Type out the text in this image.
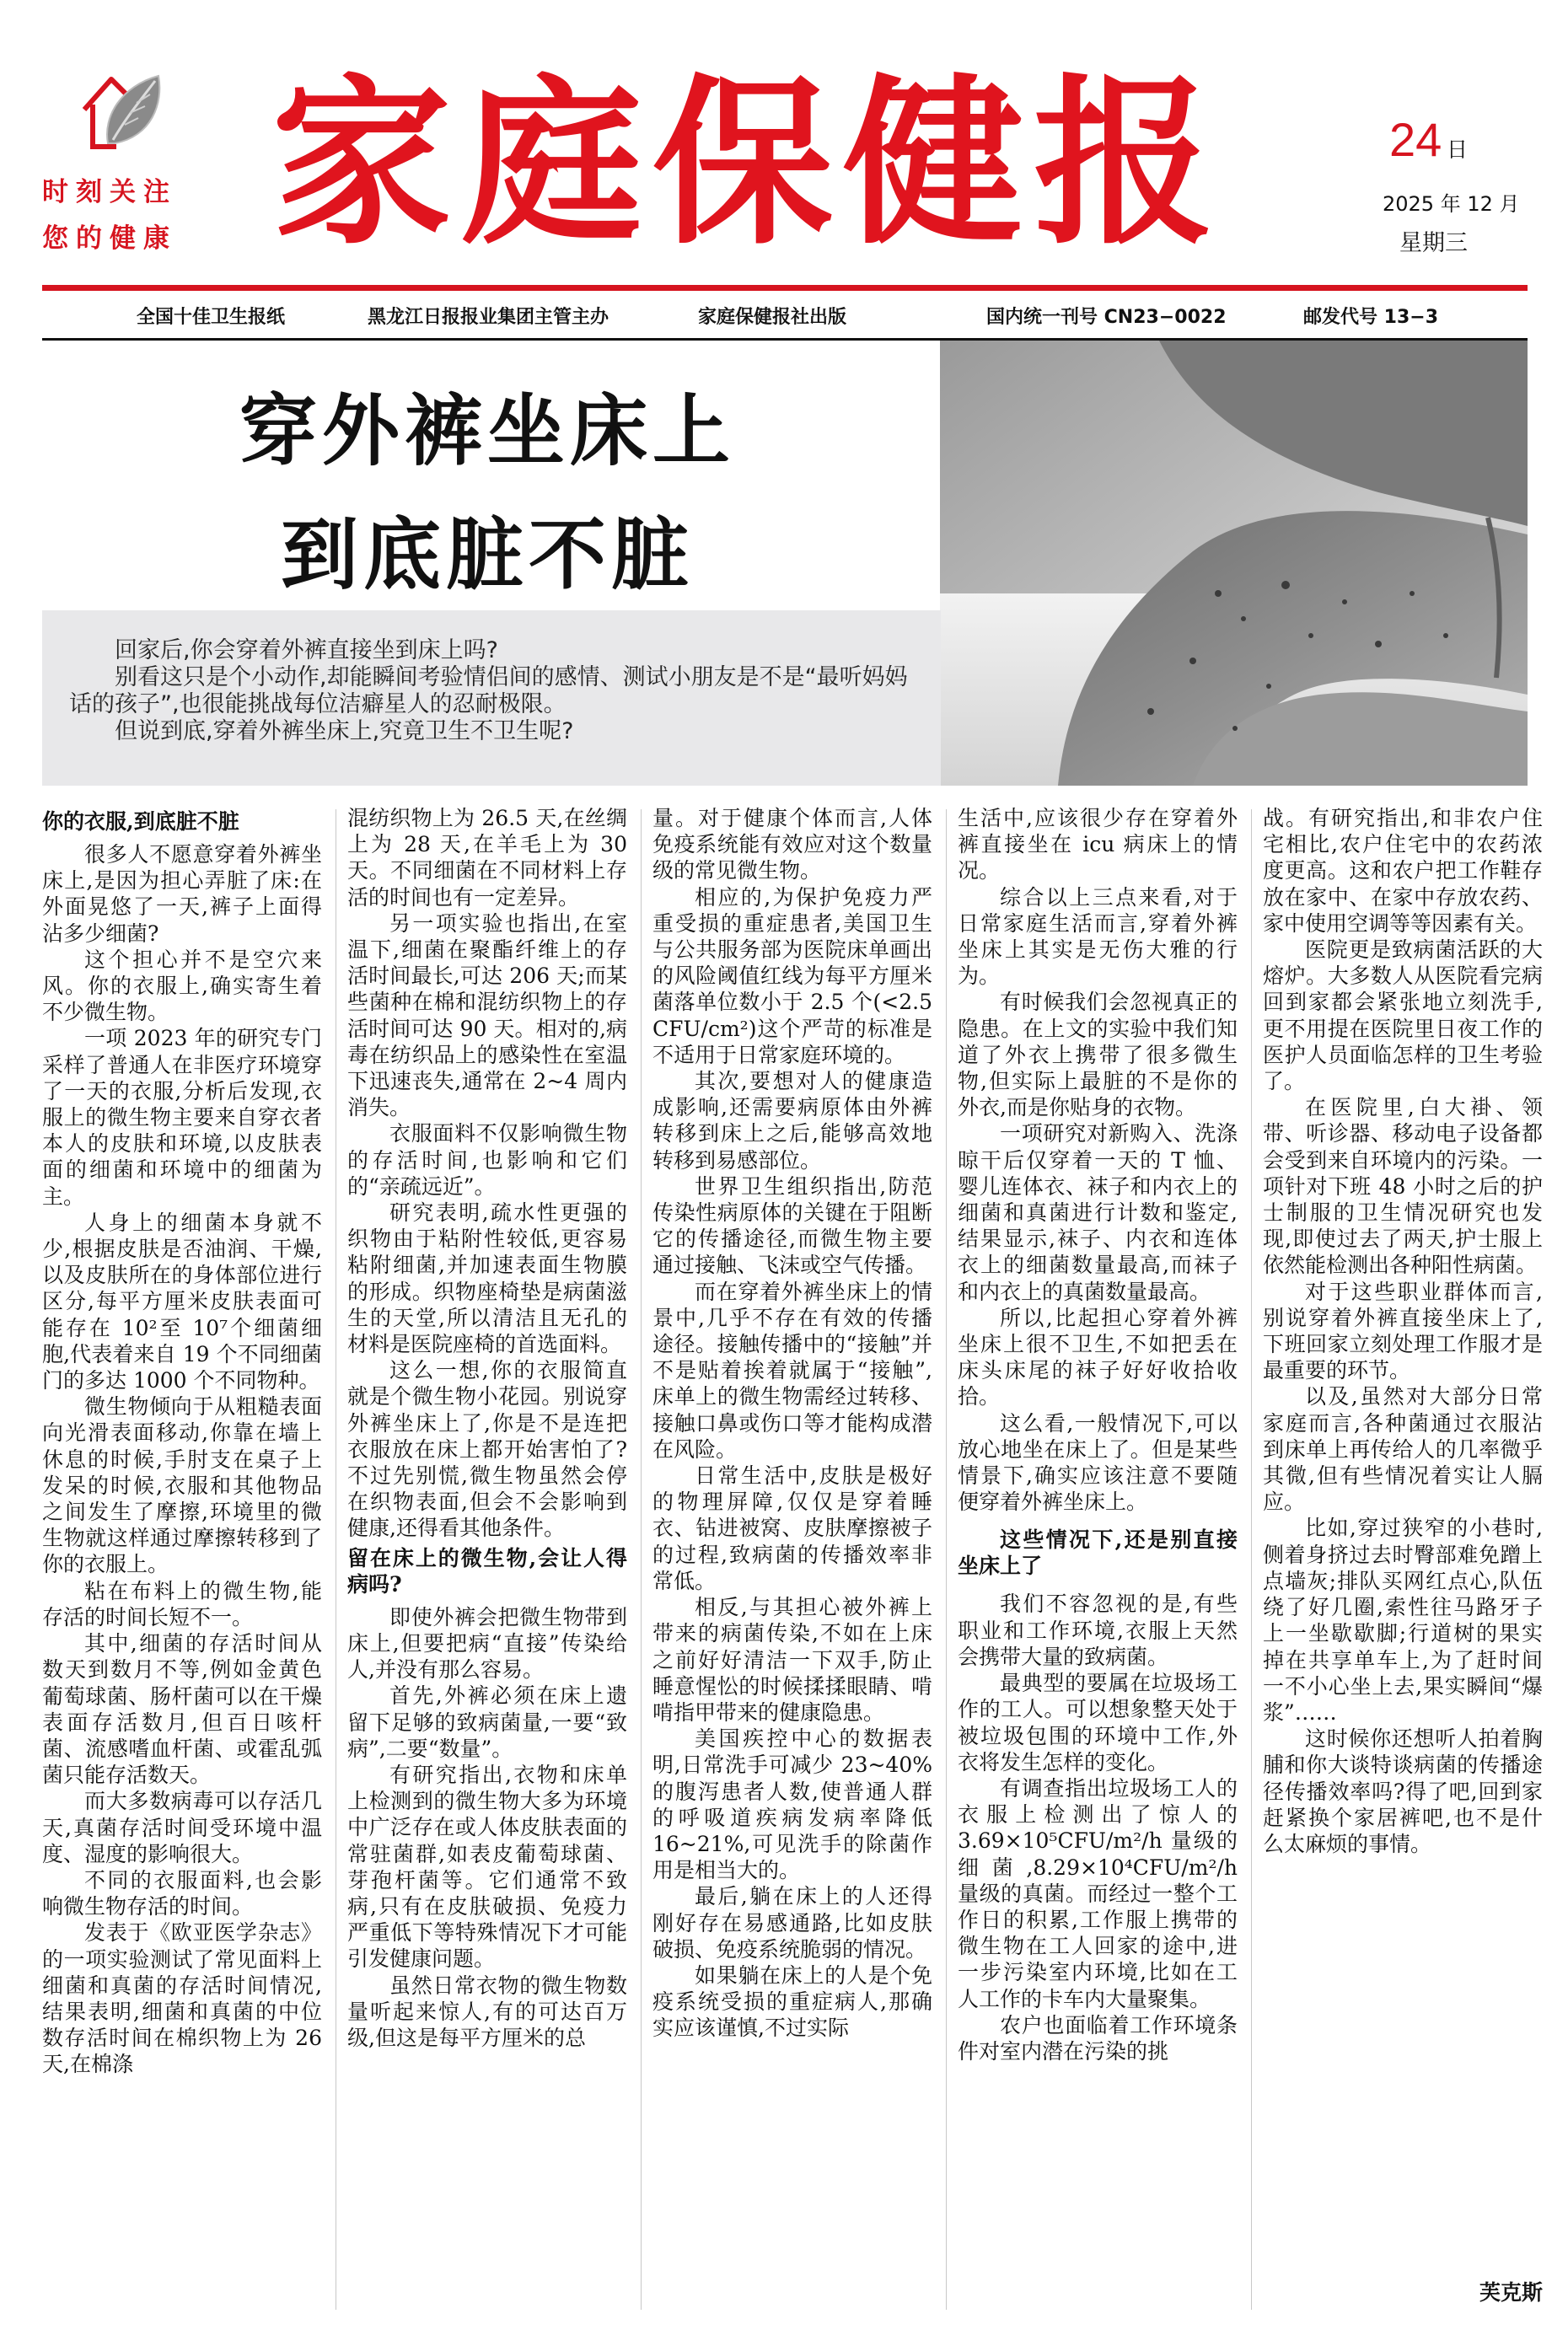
时刻关注
您的健康 家庭保健报	24 日
2025 年 12 月
星期三
全国十佳卫生报纸	黑龙江日报报业集团主管主办	家庭保健报社出版	国内统一刊号 CN23−0022	邮发代号 13−3
穿外裤坐床上
到底脏不脏

回家后,你会穿着外裤直接坐到床上吗?

别看这只是个小动作,却能瞬间考验情侣间的感情、测试小朋友是不是“最听妈妈话的孩子”,也很能挑战每位洁癖星人的忍耐极限。

但说到底,穿着外裤坐床上,究竟卫生不卫生呢?

你的衣服,到底脏不脏

很多人不愿意穿着外裤坐床上,是因为担心弄脏了床:在外面晃悠了一天,裤子上面得沾多少细菌?

这个担心并不是空穴来风。你的衣服上,确实寄生着不少微生物。

一项 2023 年的研究专门采样了普通人在非医疗环境穿了一天的衣服,分析后发现,衣服上的微生物主要来自穿衣者本人的皮肤和环境,以皮肤表面的细菌和环境中的细菌为主。

人身上的细菌本身就不少,根据皮肤是否油润、干燥,以及皮肤所在的身体部位进行区分,每平方厘米皮肤表面可能存在 10²至 10⁷个细菌细胞,代表着来自 19 个不同细菌门的多达 1000 个不同物种。

微生物倾向于从粗糙表面向光滑表面移动,你靠在墙上休息的时候,手肘支在桌子上发呆的时候,衣服和其他物品之间发生了摩擦,环境里的微生物就这样通过摩擦转移到了你的衣服上。

粘在布料上的微生物,能存活的时间长短不一。

其中,细菌的存活时间从数天到数月不等,例如金黄色葡萄球菌、肠杆菌可以在干燥表面存活数月,但百日咳杆菌、流感嗜血杆菌、或霍乱弧菌只能存活数天。

而大多数病毒可以存活几天,真菌存活时间受环境中温度、湿度的影响很大。

不同的衣服面料,也会影响微生物存活的时间。

发表于《欧亚医学杂志》的一项实验测试了常见面料上细菌和真菌的存活时间情况,结果表明,细菌和真菌的中位数存活时间在棉织物上为 26 天,在棉涤

混纺织物上为 26.5 天,在丝绸上为 28 天,在羊毛上为 30 天。不同细菌在不同材料上存活的时间也有一定差异。

另一项实验也指出,在室温下,细菌在聚酯纤维上的存活时间最长,可达 206 天;而某些菌种在棉和混纺织物上的存活时间可达 90 天。相对的,病毒在纺织品上的感染性在室温下迅速丧失,通常在 2~4 周内消失。

衣服面料不仅影响微生物的存活时间,也影响和它们的“亲疏远近”。

研究表明,疏水性更强的织物由于粘附性较低,更容易粘附细菌,并加速表面生物膜的形成。织物座椅垫是病菌滋生的天堂,所以清洁且无孔的材料是医院座椅的首选面料。

这么一想,你的衣服简直就是个微生物小花园。别说穿外裤坐床上了,你是不是连把衣服放在床上都开始害怕了?不过先别慌,微生物虽然会停在织物表面,但会不会影响到健康,还得看其他条件。

留在床上的微生物,会让人得病吗?

即使外裤会把微生物带到床上,但要把病“直接”传染给人,并没有那么容易。

首先,外裤必须在床上遗留下足够的致病菌量,一要“致病”,二要“数量”。

有研究指出,衣物和床单上检测到的微生物大多为环境中广泛存在或人体皮肤表面的常驻菌群,如表皮葡萄球菌、芽孢杆菌等。它们通常不致病,只有在皮肤破损、免疫力严重低下等特殊情况下才可能引发健康问题。

虽然日常衣物的微生物数量听起来惊人,有的可达百万级,但这是每平方厘米的总

量。对于健康个体而言,人体免疫系统能有效应对这个数量级的常见微生物。

相应的,为保护免疫力严重受损的重症患者,美国卫生与公共服务部为医院床单画出的风险阈值红线为每平方厘米菌落单位数小于 2.5 个(<2.5 CFU/cm²)这个严苛的标准是不适用于日常家庭环境的。

其次,要想对人的健康造成影响,还需要病原体由外裤转移到床上之后,能够高效地转移到易感部位。

世界卫生组织指出,防范传染性病原体的关键在于阻断它的传播途径,而微生物主要通过接触、飞沫或空气传播。

而在穿着外裤坐床上的情景中,几乎不存在有效的传播途径。接触传播中的“接触”并不是贴着挨着就属于“接触”,床单上的微生物需经过转移、接触口鼻或伤口等才能构成潜在风险。

日常生活中,皮肤是极好的物理屏障,仅仅是穿着睡衣、钻进被窝、皮肤摩擦被子的过程,致病菌的传播效率非常低。

相反,与其担心被外裤上带来的病菌传染,不如在上床之前好好清洁一下双手,防止睡意惺忪的时候揉揉眼睛、啃啃指甲带来的健康隐患。

美国疾控中心的数据表明,日常洗手可减少 23~40% 的腹泻患者人数,使普通人群的呼吸道疾病发病率降低 16~21%,可见洗手的除菌作用是相当大的。

最后,躺在床上的人还得刚好存在易感通路,比如皮肤破损、免疫系统脆弱的情况。

如果躺在床上的人是个免疫系统受损的重症病人,那确实应该谨慎,不过实际

生活中,应该很少存在穿着外裤直接坐在 icu 病床上的情况。

综合以上三点来看,对于日常家庭生活而言,穿着外裤坐床上其实是无伤大雅的行为。

有时候我们会忽视真正的隐患。在上文的实验中我们知道了外衣上携带了很多微生物,但实际上最脏的不是你的外衣,而是你贴身的衣物。

一项研究对新购入、洗涤晾干后仅穿着一天的 T 恤、婴儿连体衣、袜子和内衣上的细菌和真菌进行计数和鉴定,结果显示,袜子、内衣和连体衣上的细菌数量最高,而袜子和内衣上的真菌数量最高。

所以,比起担心穿着外裤坐床上很不卫生,不如把丢在床头床尾的袜子好好收拾收拾。

这么看,一般情况下,可以放心地坐在床上了。但是某些情景下,确实应该注意不要随便穿着外裤坐床上。

这些情况下,还是别直接坐床上了

我们不容忽视的是,有些职业和工作环境,衣服上天然会携带大量的致病菌。

最典型的要属在垃圾场工作的工人。可以想象整天处于被垃圾包围的环境中工作,外衣将发生怎样的变化。

有调查指出垃圾场工人的衣服上检测出了惊人的 3.69×10⁵CFU/m²/h 量级的细菌,8.29×10⁴CFU/m²/h 量级的真菌。而经过一整个工作日的积累,工作服上携带的微生物在工人回家的途中,进一步污染室内环境,比如在工人工作的卡车内大量聚集。

农户也面临着工作环境条件对室内潜在污染的挑

战。有研究指出,和非农户住宅相比,农户住宅中的农药浓度更高。这和农户把工作鞋存放在家中、在家中存放农药、家中使用空调等等因素有关。

医院更是致病菌活跃的大熔炉。大多数人从医院看完病回到家都会紧张地立刻洗手,更不用提在医院里日夜工作的医护人员面临怎样的卫生考验了。

在医院里,白大褂、领带、听诊器、移动电子设备都会受到来自环境内的污染。一项针对下班 48 小时之后的护士制服的卫生情况研究也发现,即使过去了两天,护士服上依然能检测出各种阳性病菌。

对于这些职业群体而言,别说穿着外裤直接坐床上了,下班回家立刻处理工作服才是最重要的环节。

以及,虽然对大部分日常家庭而言,各种菌通过衣服沾到床单上再传给人的几率微乎其微,但有些情况着实让人膈应。

比如,穿过狭窄的小巷时,侧着身挤过去时臀部难免蹭上点墙灰;排队买网红点心,队伍绕了好几圈,索性往马路牙子上一坐歇歇脚;行道树的果实掉在共享单车上,为了赶时间一不小心坐上去,果实瞬间“爆浆”……

这时候你还想听人拍着胸脯和你大谈特谈病菌的传播途径传播效率吗?得了吧,回到家赶紧换个家居裤吧,也不是什么太麻烦的事情。

芙克斯
